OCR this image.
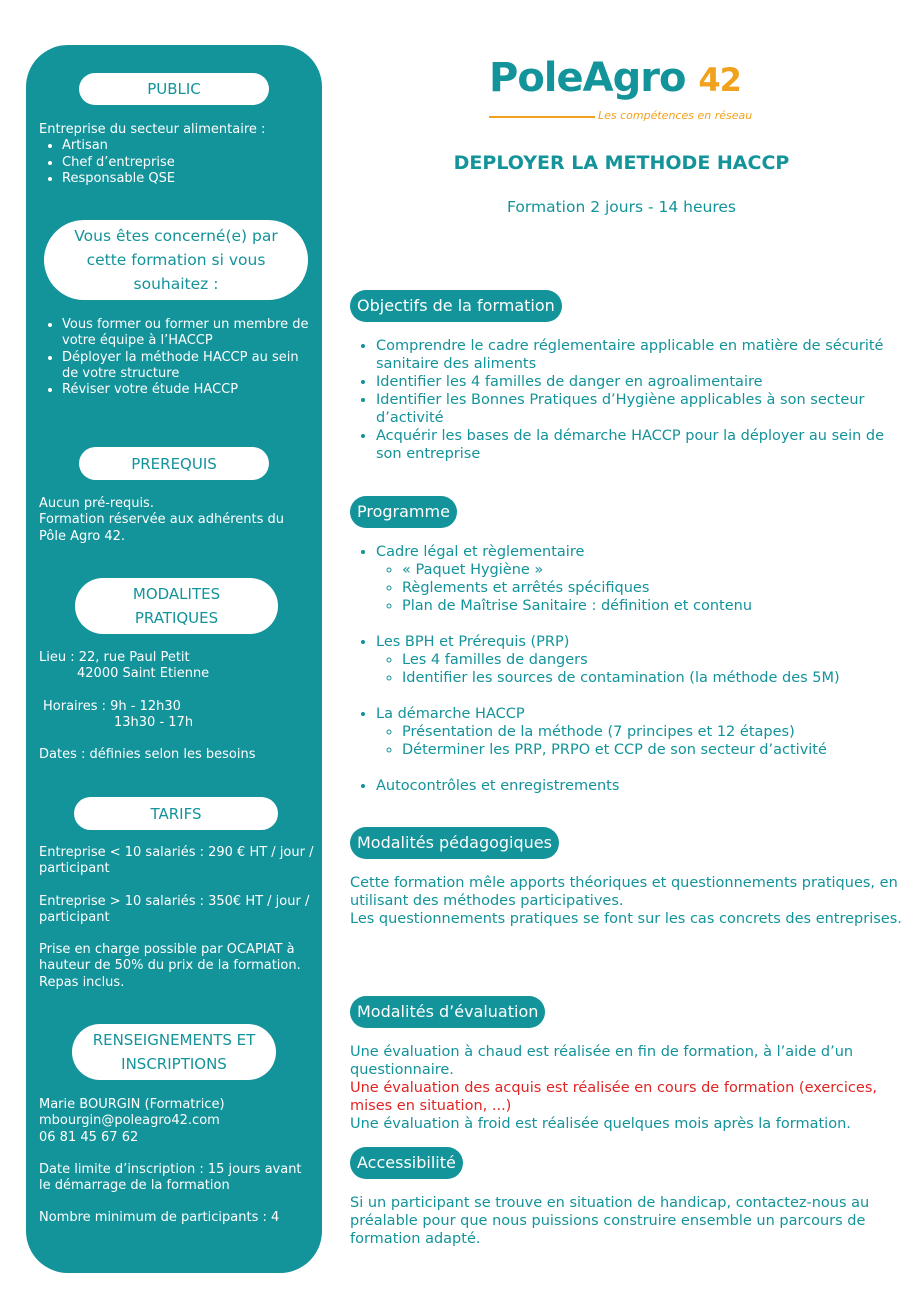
PUBLIC

Entreprise du secteur alimentaire :

• Artisan
• Chef d’entreprise
• Responsable QSE
Vous êtes concerné(e) par cette formation si vous souhaitez :
• Vous former ou former un membre de votre équipe à l’HACCP
• Déployer la méthode HACCP au sein de votre structure
• Réviser votre étude HACCP
PREREQUIS

Aucun pré-requis.

Formation réservée aux adhérents du Pôle Agro 42.

MODALITES PRATIQUES

Lieu : 22, rue Paul Petit

42000 Saint Etienne

Horaires : 9h - 12h30

13h30 - 17h

Dates : définies selon les besoins

TARIFS

Entreprise < 10 salariés : 290 € HT / jour / participant

Entreprise > 10 salariés : 350€ HT / jour / participant

Prise en charge possible par OCAPIAT à hauteur de 50% du prix de la formation. Repas inclus.

RENSEIGNEMENTS ET INSCRIPTIONS

Marie BOURGIN (Formatrice)

mbourgin@poleagro42.com

06 81 45 67 62

Date limite d’inscription : 15 jours avant le démarrage de la formation

Nombre minimum de participants : 4

PoleAgro 42
Les compétences en réseau
DEPLOYER LA METHODE HACCP
Formation 2 jours - 14 heures
Objectifs de la formation
• Comprendre le cadre réglementaire applicable en matière de sécurité sanitaire des aliments
• Identifier les 4 familles de danger en agroalimentaire
• Identifier les Bonnes Pratiques d’Hygiène applicables à son secteur d’activité
• Acquérir les bases de la démarche HACCP pour la déployer au sein de son entreprise
Programme
• Cadre légal et règlementaire
◦ « Paquet Hygiène »
◦ Règlements et arrêtés spécifiques
◦ Plan de Maîtrise Sanitaire : définition et contenu
• Les BPH et Prérequis (PRP)
◦ Les 4 familles de dangers
◦ Identifier les sources de contamination (la méthode des 5M)
• La démarche HACCP
◦ Présentation de la méthode (7 principes et 12 étapes)
◦ Déterminer les PRP, PRPO et CCP de son secteur d’activité
• Autocontrôles et enregistrements
Modalités pédagogiques

Cette formation mêle apports théoriques et questionnements pratiques, en utilisant des méthodes participatives.

Les questionnements pratiques se font sur les cas concrets des entreprises.

Modalités d’évaluation

Une évaluation à chaud est réalisée en fin de formation, à l’aide d’un questionnaire.

Une évaluation des acquis est réalisée en cours de formation (exercices, mises en situation, ...)

Une évaluation à froid est réalisée quelques mois après la formation.

Accessibilité

Si un participant se trouve en situation de handicap, contactez-nous au préalable pour que nous puissions construire ensemble un parcours de formation adapté.
